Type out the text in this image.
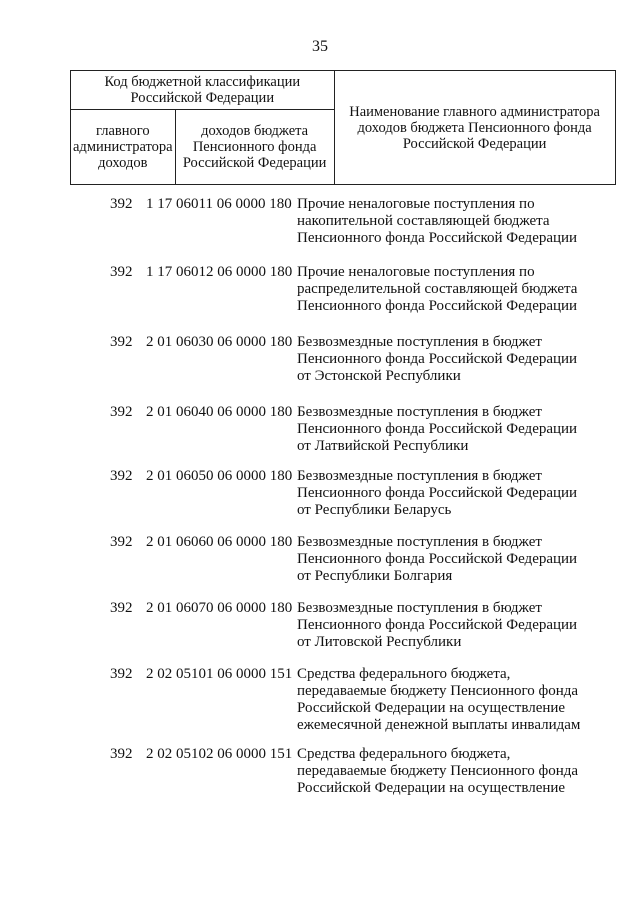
35
Код бюджетной классификации Российской Федерации		Наименование главного администратора доходов бюджета Пенсионного фонда Российской Федерации
главного администратора доходов	доходов бюджета Пенсионного фонда Российской Федерации	
392 1 17 06011 06 0000 180 Прочие неналоговые поступления по
накопительной составляющей бюджета
Пенсионного фонда Российской Федерации
392 1 17 06012 06 0000 180 Прочие неналоговые поступления по
распределительной составляющей бюджета
Пенсионного фонда Российской Федерации
392 2 01 06030 06 0000 180 Безвозмездные поступления в бюджет
Пенсионного фонда Российской Федерации
от Эстонской Республики
392 2 01 06040 06 0000 180 Безвозмездные поступления в бюджет
Пенсионного фонда Российской Федерации
от Латвийской Республики
392 2 01 06050 06 0000 180 Безвозмездные поступления в бюджет
Пенсионного фонда Российской Федерации
от Республики Беларусь
392 2 01 06060 06 0000 180 Безвозмездные поступления в бюджет
Пенсионного фонда Российской Федерации
от Республики Болгария
392 2 01 06070 06 0000 180 Безвозмездные поступления в бюджет
Пенсионного фонда Российской Федерации
от Литовской Республики
392 2 02 05101 06 0000 151 Средства федерального бюджета,
передаваемые бюджету Пенсионного фонда
Российской Федерации на осуществление
ежемесячной денежной выплаты инвалидам
392 2 02 05102 06 0000 151 Средства федерального бюджета,
передаваемые бюджету Пенсионного фонда
Российской Федерации на осуществление
